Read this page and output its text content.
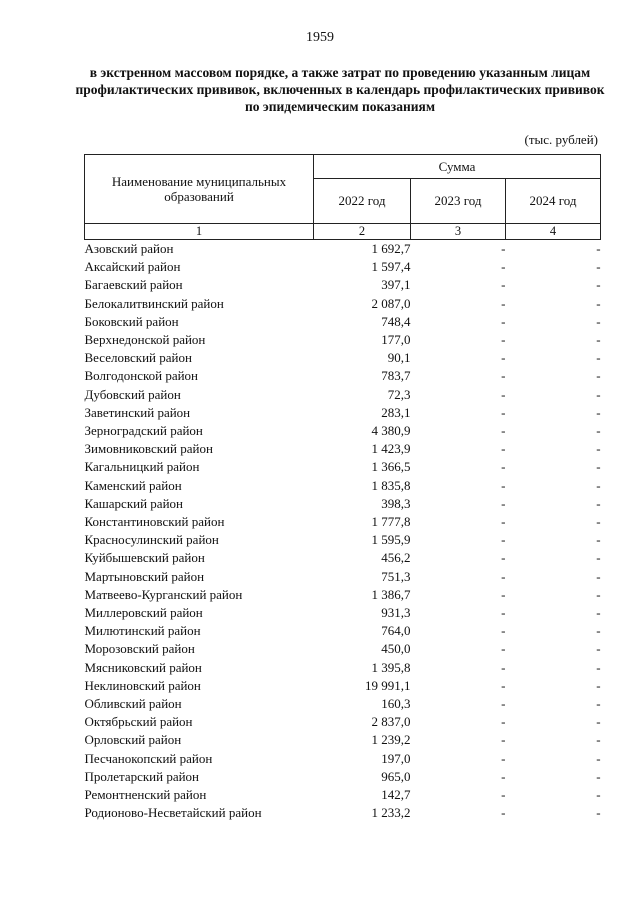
1959
в экстренном массовом порядке, а также затрат по проведению указанным лицам профилактических прививок, включенных в календарь профилактических прививок по эпидемическим показаниям
(тыс. рублей)
Наименование муниципальных образований	Сумма		
	2022 год	2023 год	2024 год
1	2	3	4
Азовский район	1 692,7	-	-
Аксайский район	1 597,4	-	-
Багаевский район	397,1	-	-
Белокалитвинский район	2 087,0	-	-
Боковский район	748,4	-	-
Верхнедонской район	177,0	-	-
Веселовский район	90,1	-	-
Волгодонской район	783,7	-	-
Дубовский район	72,3	-	-
Заветинский район	283,1	-	-
Зерноградский район	4 380,9	-	-
Зимовниковский район	1 423,9	-	-
Кагальницкий район	1 366,5	-	-
Каменский район	1 835,8	-	-
Кашарский район	398,3	-	-
Константиновский район	1 777,8	-	-
Красносулинский район	1 595,9	-	-
Куйбышевский район	456,2	-	-
Мартыновский район	751,3	-	-
Матвеево-Курганский район	1 386,7	-	-
Миллеровский район	931,3	-	-
Милютинский район	764,0	-	-
Морозовский район	450,0	-	-
Мясниковский район	1 395,8	-	-
Неклиновский район	19 991,1	-	-
Обливский район	160,3	-	-
Октябрьский район	2 837,0	-	-
Орловский район	1 239,2	-	-
Песчанокопский район	197,0	-	-
Пролетарский район	965,0	-	-
Ремонтненский район	142,7	-	-
Родионово-Несветайский район	1 233,2	-	-
